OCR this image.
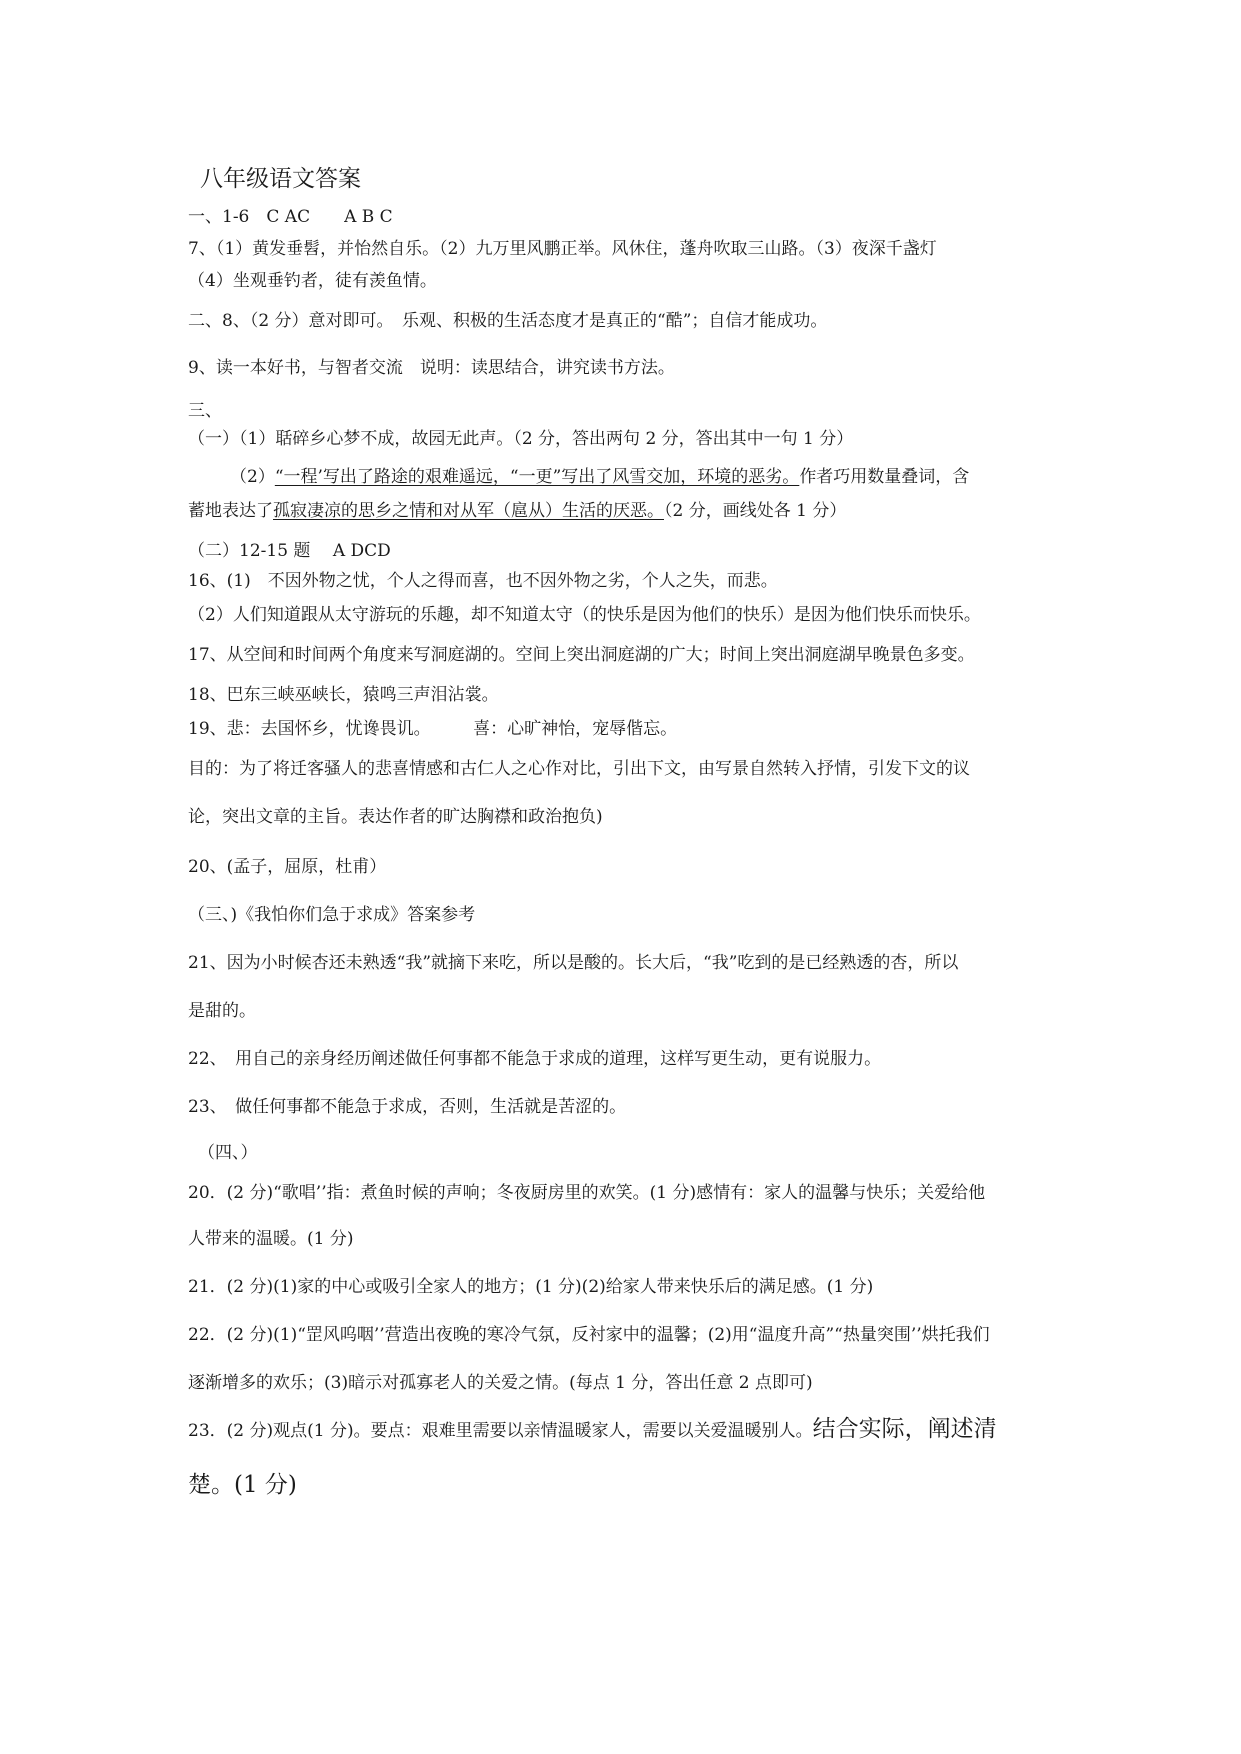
八年级语文答案
一、1-6　C AC　　A B C
7、（1）黄发垂髫，并怡然自乐。（2）九万里风鹏正举。风休住，蓬舟吹取三山路。（3）夜深千盏灯
（4）坐观垂钓者，徒有羡鱼情。
二、8、（2 分）意对即可。　乐观、积极的生活态度才是真正的“酷”；自信才能成功。
9、读一本好书，与智者交流　说明：读思结合，讲究读书方法。
三、
（一）（1）聒碎乡心梦不成，故园无此声。（2 分，答出两句 2 分，答出其中一句 1 分）
（2）“一程’写出了路途的艰难遥远，“一更”写出了风雪交加，环境的恶劣。作者巧用数量叠词，含
蓄地表达了孤寂凄凉的思乡之情和对从军（扈从）生活的厌恶。（2 分，画线处各 1 分）
（二）12-15 题　 A DCD
16、(1)　不因外物之忧，个人之得而喜，也不因外物之劣，个人之失，而悲。
（2）人们知道跟从太守游玩的乐趣，却不知道太守（的快乐是因为他们的快乐）是因为他们快乐而快乐。
17、从空间和时间两个角度来写洞庭湖的。空间上突出洞庭湖的广大；时间上突出洞庭湖早晚景色多变。
18、巴东三峡巫峡长，猿鸣三声泪沾裳。
19、悲：去国怀乡，忧谗畏讥。　　　喜：心旷神怡，宠辱偕忘。
目的：为了将迁客骚人的悲喜情感和古仁人之心作对比，引出下文，由写景自然转入抒情，引发下文的议
论，突出文章的主旨。表达作者的旷达胸襟和政治抱负)
20、(孟子，屈原，杜甫）
（三、)《我怕你们急于求成》答案参考
21、因为小时候杏还未熟透“我”就摘下来吃，所以是酸的。长大后，“我”吃到的是已经熟透的杏，所以
是甜的。
22、　用自己的亲身经历阐述做任何事都不能急于求成的道理，这样写更生动，更有说服力。
23、　做任何事都不能急于求成，否则，生活就是苦涩的。
（四、）
20．(2 分)“歌唱’’指：煮鱼时候的声响；冬夜厨房里的欢笑。(1 分)感情有：家人的温馨与快乐；关爱给他
人带来的温暖。(1 分)
21．(2 分)(1)家的中心或吸引全家人的地方；(1 分)(2)给家人带来快乐后的满足感。(1 分)
22．(2 分)(1)“罡风呜咽’’营造出夜晚的寒冷气氛，反衬家中的温馨；(2)用“温度升高”“热量突围’’烘托我们
逐渐增多的欢乐；(3)暗示对孤寡老人的关爱之情。(每点 1 分，答出任意 2 点即可)
23．(2 分)观点(1 分)。要点：艰难里需要以亲情温暖家人，需要以关爱温暖别人。结合实际，阐述清
楚。(1 分)
